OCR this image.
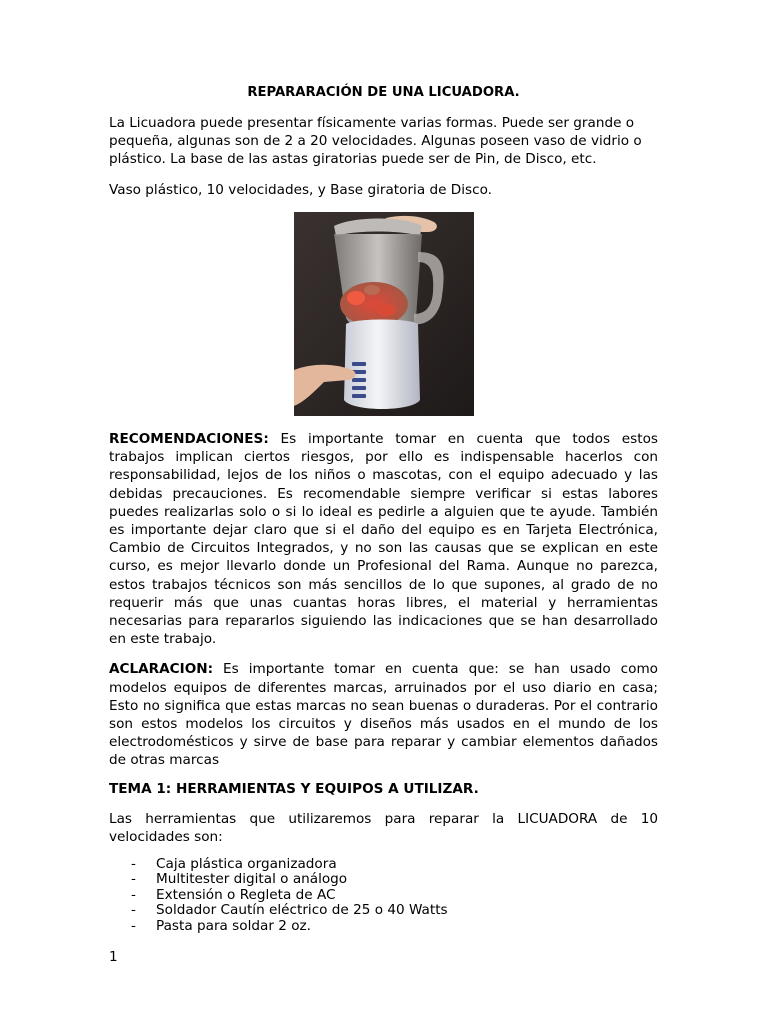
REPARARACIÓN DE UNA LICUADORA.

La Licuadora puede presentar físicamente varias formas. Puede ser grande o pequeña, algunas son de 2 a 20 velocidades. Algunas poseen vaso de vidrio o plástico. La base de las astas giratorias puede ser de Pin, de Disco, etc.

Vaso plástico, 10 velocidades, y Base giratoria de Disco.

RECOMENDACIONES: Es importante tomar en cuenta que todos estos trabajos implican ciertos riesgos, por ello es indispensable hacerlos con responsabilidad, lejos de los niños o mascotas, con el equipo adecuado y las debidas precauciones. Es recomendable siempre verificar si estas labores puedes realizarlas solo o si lo ideal es pedirle a alguien que te ayude. También es importante dejar claro que si el daño del equipo es en Tarjeta Electrónica, Cambio de Circuitos Integrados, y no son las causas que se explican en este curso, es mejor llevarlo donde un Profesional del Rama. Aunque no parezca, estos trabajos técnicos son más sencillos de lo que supones, al grado de no requerir más que unas cuantas horas libres, el material y herramientas necesarias para repararlos siguiendo las indicaciones que se han desarrollado en este trabajo.

ACLARACION: Es importante tomar en cuenta que: se han usado como modelos equipos de diferentes marcas, arruinados por el uso diario en casa; Esto no significa que estas marcas no sean buenas o duraderas. Por el contrario son estos modelos los circuitos y diseños más usados en el mundo de los electrodomésticos y sirve de base para reparar y cambiar elementos dañados de otras marcas

TEMA 1: HERRAMIENTAS Y EQUIPOS A UTILIZAR.

Las herramientas que utilizaremos para reparar la LICUADORA de 10 velocidades son:

-	Caja plástica organizadora
-	Multitester digital o análogo
-	Extensión o Regleta de AC
-	Soldador Cautín eléctrico de 25 o 40 Watts
-	Pasta para soldar 2 oz.
1
